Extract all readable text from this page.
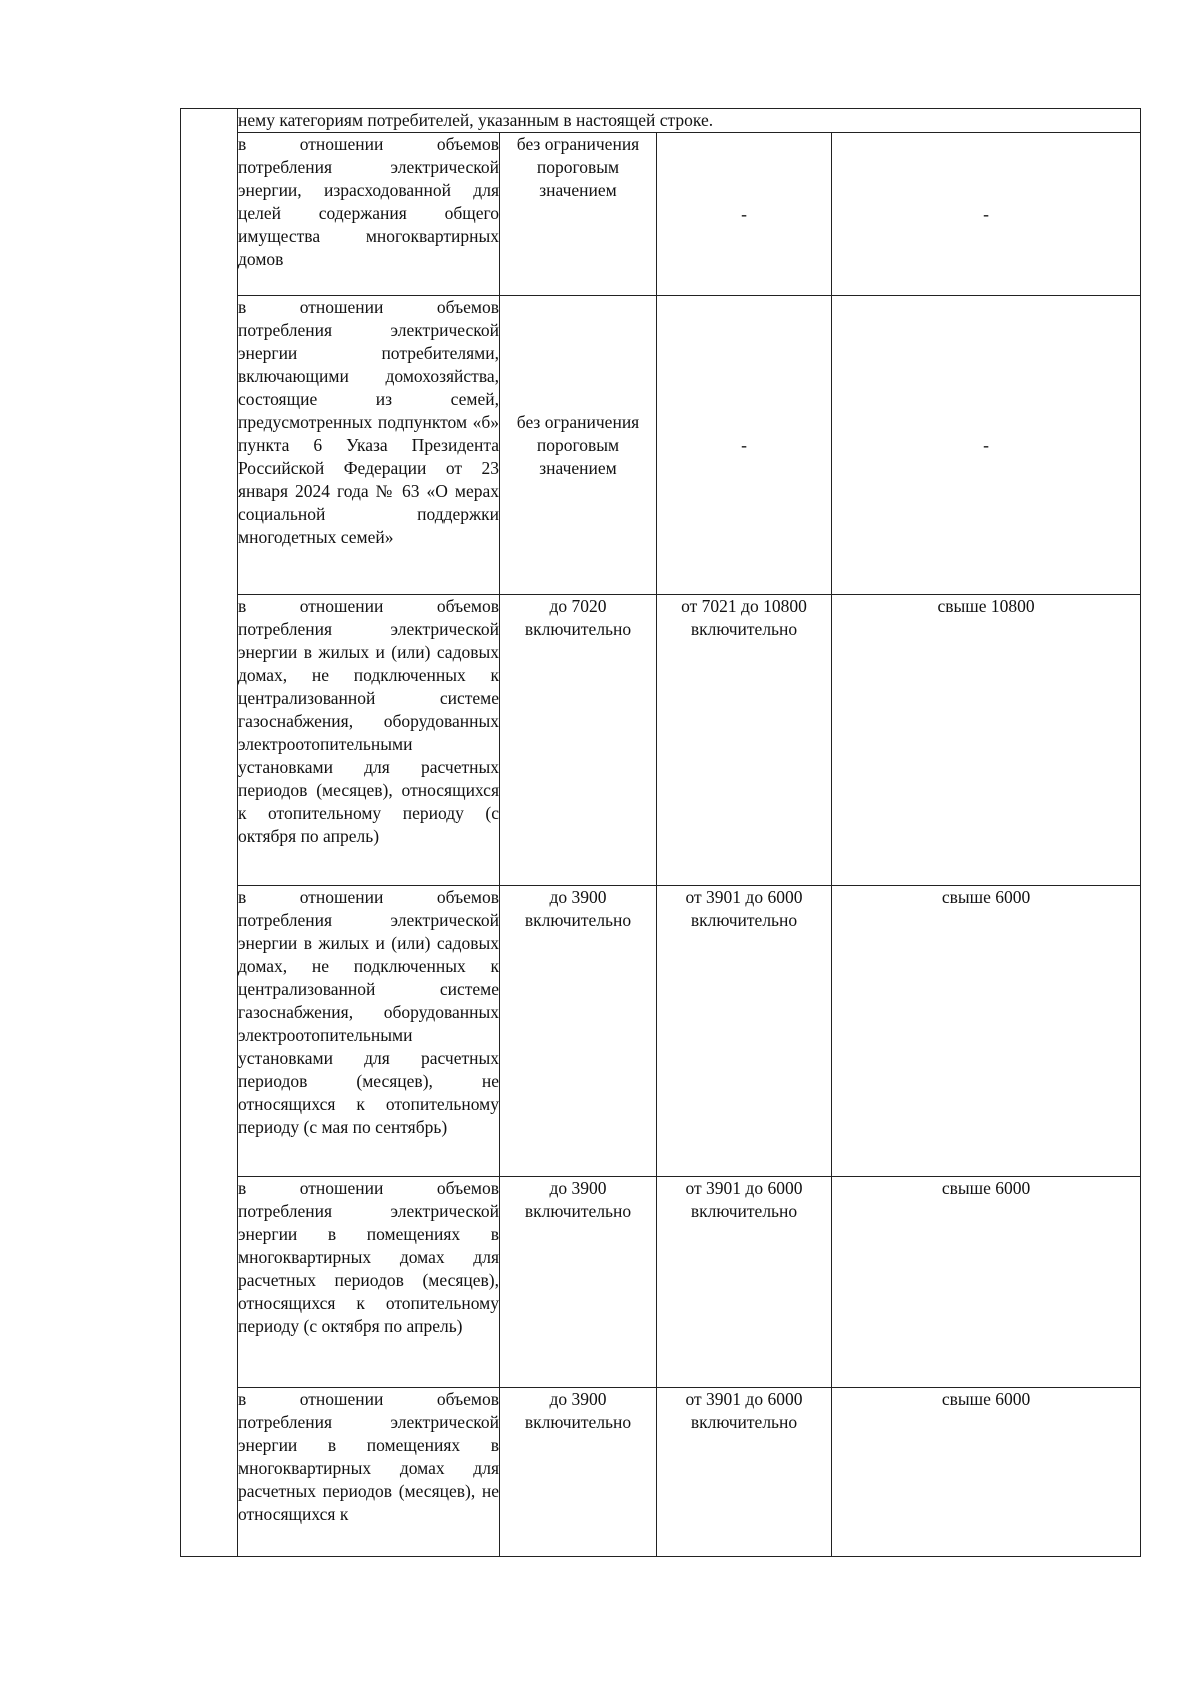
	нему категориям потребителей, указанным в настоящей строке.			
	в отношении объемов потребления электрической энергии, израсходованной для целей содержания общего имущества многоквартирных домов	без ограничения пороговым значением	-	-
	в отношении объемов потребления электрической энергии потребителями, включающими домохозяйства, состоящие из семей, предусмотренных подпунктом «б» пункта 6 Указа Президента Российской Федерации от 23 января 2024 года № 63 «О мерах социальной поддержки многодетных семей»	без ограничения пороговым значением	-	-
	в отношении объемов потребления электрической энергии в жилых и (или) садовых домах, не подключенных к централизованной системе газоснабжения, оборудованных электроотопительными установками для расчетных периодов (месяцев), относящихся к отопительному периоду (с октября по апрель)	до 7020 включительно	от 7021 до 10800 включительно	свыше 10800
	в отношении объемов потребления электрической энергии в жилых и (или) садовых домах, не подключенных к централизованной системе газоснабжения, оборудованных электроотопительными установками для расчетных периодов (месяцев), не относящихся к отопительному периоду (с мая по сентябрь)	до 3900 включительно	от 3901 до 6000 включительно	свыше 6000
	в отношении объемов потребления электрической энергии в помещениях в многоквартирных домах для расчетных периодов (месяцев), относящихся к отопительному периоду (с октября по апрель)	до 3900 включительно	от 3901 до 6000 включительно	свыше 6000
	в отношении объемов потребления электрической энергии в помещениях в многоквартирных домах для расчетных периодов (месяцев), не относящихся к	до 3900 включительно	от 3901 до 6000 включительно	свыше 6000
